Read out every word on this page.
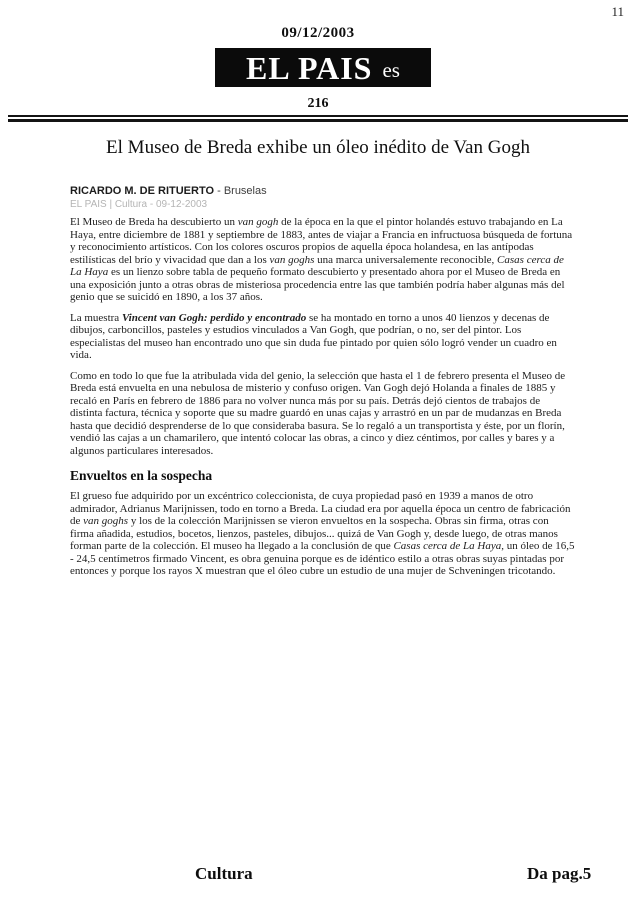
11
09/12/2003
EL PAIS es
216
El Museo de Breda exhibe un óleo inédito de Van Gogh
RICARDO M. DE RITUERTO - Bruselas
EL PAIS | Cultura - 09-12-2003

El Museo de Breda ha descubierto un van gogh de la época en la que el pintor holandés estuvo trabajando en La Haya, entre diciembre de 1881 y septiembre de 1883, antes de viajar a Francia en infructuosa búsqueda de fortuna y reconocimiento artísticos. Con los colores oscuros propios de aquella época holandesa, en las antípodas estilísticas del brío y vivacidad que dan a los van goghs una marca universalemente reconocible, Casas cerca de La Haya es un lienzo sobre tabla de pequeño formato descubierto y presentado ahora por el Museo de Breda en una exposición junto a otras obras de misteriosa procedencia entre las que también podría haber algunas más del genio que se suicidó en 1890, a los 37 años.

La muestra Vincent van Gogh: perdido y encontrado se ha montado en torno a unos 40 lienzos y decenas de dibujos, carboncillos, pasteles y estudios vinculados a Van Gogh, que podrían, o no, ser del pintor. Los especialistas del museo han encontrado uno que sin duda fue pintado por quien sólo logró vender un cuadro en vida.

Como en todo lo que fue la atribulada vida del genio, la selección que hasta el 1 de febrero presenta el Museo de Breda está envuelta en una nebulosa de misterio y confuso origen. Van Gogh dejó Holanda a finales de 1885 y recaló en París en febrero de 1886 para no volver nunca más por su país. Detrás dejó cientos de trabajos de distinta factura, técnica y soporte que su madre guardó en unas cajas y arrastró en un par de mudanzas en Breda hasta que decidió desprenderse de lo que consideraba basura. Se lo regaló a un transportista y éste, por un florín, vendió las cajas a un chamarilero, que intentó colocar las obras, a cinco y diez céntimos, por calles y bares y a algunos particulares interesados.

Envueltos en la sospecha

El grueso fue adquirido por un excéntrico coleccionista, de cuya propiedad pasó en 1939 a manos de otro admirador, Adrianus Marijnissen, todo en torno a Breda. La ciudad era por aquella época un centro de fabricación de van goghs y los de la colección Marijnissen se vieron envueltos en la sospecha. Obras sin firma, otras con firma añadida, estudios, bocetos, lienzos, pasteles, dibujos... quizá de Van Gogh y, desde luego, de otras manos forman parte de la colección. El museo ha llegado a la conclusión de que Casas cerca de La Haya, un óleo de 16,5 - 24,5 centímetros firmado Vincent, es obra genuina porque es de idéntico estilo a otras obras suyas pintadas por entonces y porque los rayos X muestran que el óleo cubre un estudio de una mujer de Schveningen tricotando.

Cultura	Da pag.5
